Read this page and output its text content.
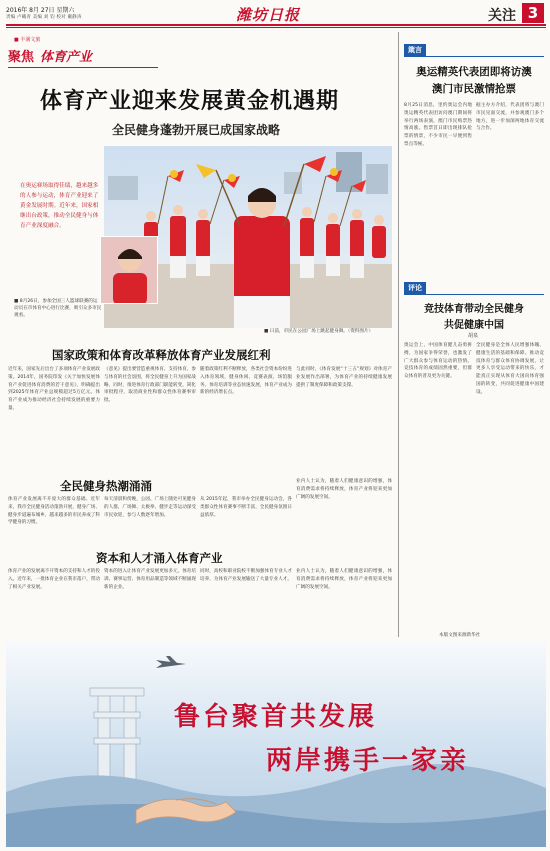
2016年 8月 27日 星期六
责编 卢曦青 美编 刘 钧 校对 戴静涛	潍坊日报	关注 3
■ 丰满文旅
聚焦 体育产业
体育产业迎来发展黄金机遇期
全民健身蓬勃开展已成国家战略
在奥运赛场取得佳绩，越来越多的人参与运动，体育产业迎来了黄金发展时期。近年来，国家相继出台政策，推动全民健身与体育产业深度融合。
■ 8月26日，参加全国三人篮球联赛的运动员在市体育中心进行比赛，吸引众多市民观看。
■ 日前，市民在公园广场上跳起健身舞。（资料图片）
国家政策和体育改革释放体育产业发展红利
近年来，国家先后出台了多项体育产业发展政策。2014年，国务院印发《关于加快发展体育产业促进体育消费的若干意见》，明确提出到2025年体育产业总规模超过5万亿元。体育产业成为推动经济社会持续发展的重要力量。
《意见》提出要营造重视体育、支持体育、参与体育的社会氛围，将全民健身上升为国家战略。同时，推进体育行政部门职能转变，简化审批程序，取消商业性和群众性体育赛事审批。
随着政策红利不断释放，各类社会资本纷纷进入体育领域，健身休闲、竞赛表演、场馆服务、体育培训等业态快速发展，体育产业成为新的经济增长点。
与此同时，《体育发展“十三五”规划》对体育产业发展作出部署，为体育产业的持续健康发展提供了制度保障和政策支撑。
全民健身热潮涌涌
体育产业发展离不开庞大的群众基础。近年来，我市全民健身活动蓬勃开展，健身广场、健身步道遍布城乡，越来越多的市民养成了科学健身的习惯。
每天清晨和傍晚，公园、广场上随处可见健身的人群，广场舞、太极拳、健步走等运动深受市民欢迎，参与人数逐年增加。
从 2015年起，我市举办全民健身运动会，各类群众性体育赛事不断丰富，全民健身氛围日益浓厚。
资本和人才涌入体育产业
体育产业的发展离不开资本的支持和人才的投入。近年来，一批体育企业在我市落户，带动了相关产业发展。
资本的进入让体育产业发展更加多元，体育培训、赛事运营、体育用品制造等领域不断涌现新的企业。
同时，高校和职业院校不断加强体育专业人才培养，为体育产业发展输送了大量专业人才。
业内人士认为，随着人们健康意识的增强，体育消费需求将持续释放，体育产业将迎来更加广阔的发展空间。
业内人士认为，随着人们健康意识的增强，体育消费需求将持续释放，体育产业将迎来更加广阔的发展空间。
箴言
奥运精英代表团即将访澳
澳门市民激情抢票
8月25日消息，里约奥运会内地奥运精英代表团访问澳门期间将举行两场表演，澳门市民购票热情高涨。售票首日即出现排队抢票的情景，不少市民一早便到售票点等候。
据主办方介绍，代表团将与澳门市民见面交流，并参观澳门多个地方，进一步加深两地体育交流与合作。
评论
竞技体育带动全民健身
共促健康中国
胡泉
奥运会上，中国体育健儿奋勇拼搏，为国家争得荣誉，也激发了广大群众参与体育运动的热情。竞技体育的成绩固然重要，但群众体育的普及更为关键。
全民健身是全体人民增强体魄、健康生活的基础和保障。推动竞技体育与群众体育协调发展，让更多人享受运动带来的快乐，才能真正实现从体育大国向体育强国的转变，共同促进健康中国建设。
本版文图来源新华社
鲁台聚首共发展
两岸携手一家亲
